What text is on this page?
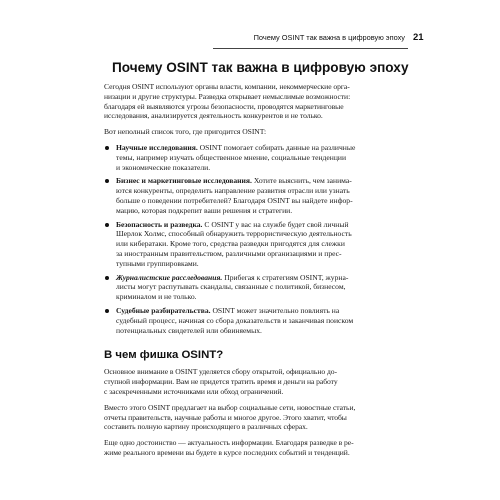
Почему OSINT так важна в цифровую эпоху 21
Почему OSINT так важна в цифровую эпоху
Сегодня OSINT используют органы власти, компании, некоммерческие орга-
низации и другие структуры. Разведка открывает немыслимые возможности:
благодаря ей выявляются угрозы безопасности, проводятся маркетинговые
исследования, анализируется деятельность конкурентов и не только.
Вот неполный список того, где пригодится OSINT:
Научные исследования. OSINT помогает собирать данные на различные
темы, например изучать общественное мнение, социальные тенденции
и экономические показатели.
Бизнес и маркетинговые исследования. Хотите выяснить, чем занима-
ются конкуренты, определить направление развития отрасли или узнать
больше о поведении потребителей? Благодаря OSINT вы найдете инфор-
мацию, которая подкрепит ваши решения и стратегии.
Безопасность и разведка. С OSINT у вас на службе будет свой личный
Шерлок Холмс, способный обнаружить террористическую деятельность
или кибератаки. Кроме того, средства разведки пригодятся для слежки
за иностранным правительством, различными организациями и прес-
тупными группировками.
Журналистские расследования. Прибегая к стратегиям OSINT, журна-
листы могут распутывать скандалы, связанные с политикой, бизнесом,
криминалом и не только.
Судебные разбирательства. OSINT может значительно повлиять на
судебный процесс, начиная со сбора доказательств и заканчивая поиском
потенциальных свидетелей или обвиняемых.
В чем фишка OSINT?
Основное внимание в OSINT уделяется сбору открытой, официально до-
ступной информации. Вам не придется тратить время и деньги на работу
с засекреченными источниками или обход ограничений.
Вместо этого OSINT предлагает на выбор социальные сети, новостные статьи,
отчеты правительств, научные работы и многое другое. Этого хватит, чтобы
составить полную картину происходящего в различных сферах.
Еще одно достоинство — актуальность информации. Благодаря разведке в ре-
жиме реального времени вы будете в курсе последних событий и тенденций.
